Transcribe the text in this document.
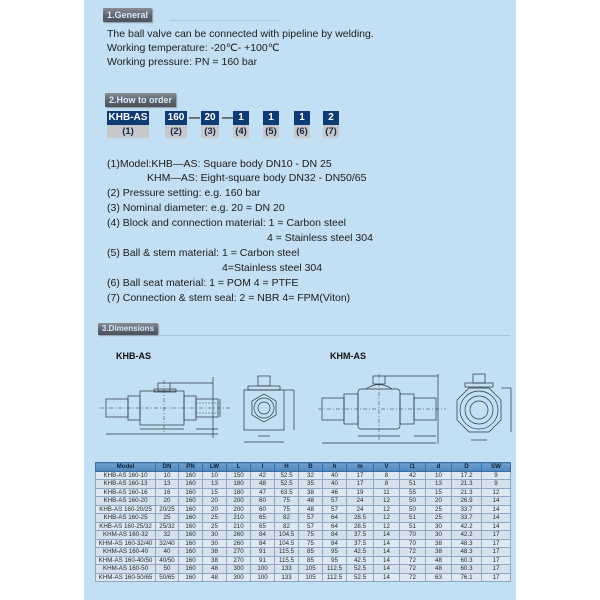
1.General
The ball valve can be connected with pipeline by welding.
Working temperature: -20℃- +100℃
Working pressure: PN = 160 bar
2.How to order
KHB-AS
(1)
160
(2)
— 20
(3)
— 1
(4)
1
(5)
1
(6)
2
(7)
(1)Model:KHB—AS: Square body DN10 - DN 25
KHM—AS: Eight-square body DN32 - DN50/65
(2) Pressure setting: e.g. 160 bar
(3) Nominal diameter: e.g. 20 = DN 20
(4) Block and connection material: 1 = Carbon steel
4 = Stainless steel 304
(5) Ball & stem material: 1 = Carbon steel
4=Stainless steel 304
(6) Ball seat material: 1 = POM 4 = PTFE
(7) Connection & stem seal: 2 = NBR 4= FPM(Viton)
3.Dimensions
KHB-AS	KHM-AS
Model	DN	PN	LW	L	l	H	B	h	m	V	l1	d	D	SW
KHB-AS 160-10	10	160	10	150	42	52.5	32	40	17	8	42	10	17.2	9
KHB-AS 160-13	13	160	13	180	48	52.5	35	40	17	8	51	13	21.3	9
KHB-AS 160-16	16	160	15	180	47	63.5	38	46	19	11	55	15	21.3	12
KHB-AS 160-20	20	160	20	200	60	75	48	57	24	12	50	20	26.9	14
KHB-AS 160-20/25	20/25	160	20	200	60	75	48	57	24	12	50	25	33.7	14
KHB-AS 160-25	25	160	25	210	65	82	57	64	28.5	12	51	25	33.7	14
KHB-AS 160-25/32	25/32	160	25	210	65	82	57	64	28.5	12	51	30	42.2	14
KHM-AS 160-32	32	160	30	260	84	104.5	75	84	37.5	14	70	30	42.2	17
KHM-AS 160-32/40	32/40	160	30	260	84	104.5	75	84	37.5	14	70	38	48.3	17
KHM-AS 160-40	40	160	38	270	91	115.5	85	95	42.5	14	72	38	48.3	17
KHM-AS 160-40/50	40/50	160	38	270	91	115.5	85	95	42.5	14	72	48	60.3	17
KHM-AS 160-50	50	160	48	300	100	133	105	112.5	52.5	14	72	48	60.3	17
KHM-AS 160-50/65	50/65	160	48	300	100	133	105	112.5	52.5	14	72	63	76.1	17
